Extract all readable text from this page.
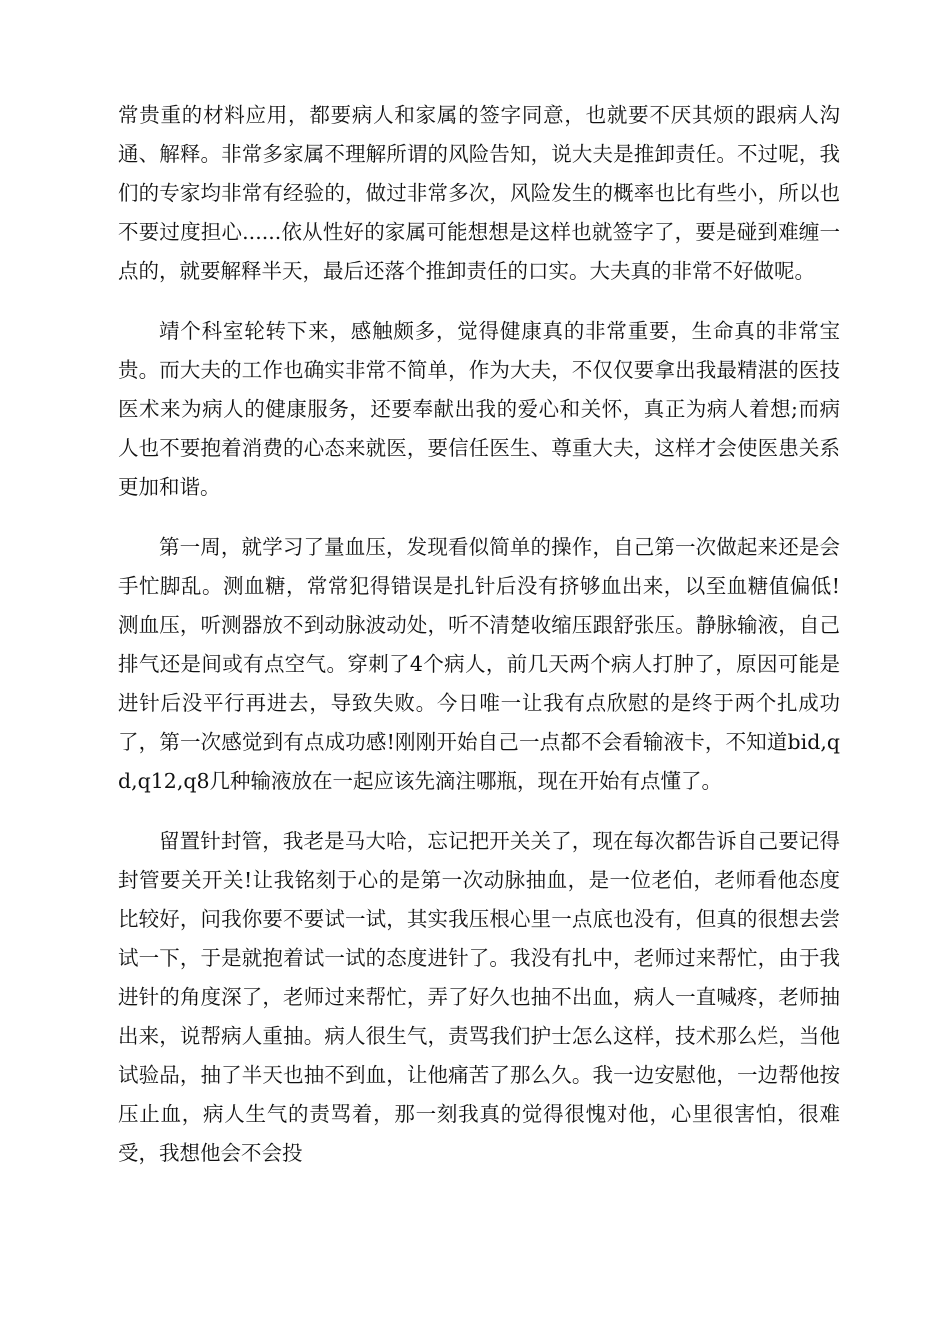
常贵重的材料应用，都要病人和家属的签字同意，也就要不厌其烦的跟病人沟通、解释。非常多家属不理解所谓的风险告知，说大夫是推卸责任。不过呢，我们的专家均非常有经验的，做过非常多次，风险发生的概率也比有些小，所以也不要过度担心......依从性好的家属可能想想是这样也就签字了，要是碰到难缠一点的，就要解释半天，最后还落个推卸责任的口实。大夫真的非常不好做呢。

靖个科室轮转下来，感触颇多，觉得健康真的非常重要，生命真的非常宝贵。而大夫的工作也确实非常不简单，作为大夫，不仅仅要拿出我最精湛的医技医术来为病人的健康服务，还要奉献出我的爱心和关怀，真正为病人着想;而病人也不要抱着消费的心态来就医，要信任医生、尊重大夫，这样才会使医患关系更加和谐。

第一周，就学习了量血压，发现看似简单的操作，自己第一次做起来还是会手忙脚乱。测血糖，常常犯得错误是扎针后没有挤够血出来，以至血糖值偏低!测血压，听测器放不到动脉波动处，听不清楚收缩压跟舒张压。静脉输液，自己排气还是间或有点空气。穿刺了4个病人，前几天两个病人打肿了，原因可能是进针后没平行再进去，导致失败。今日唯一让我有点欣慰的是终于两个扎成功了，第一次感觉到有点成功感!刚刚开始自己一点都不会看输液卡，不知道bid,qd,q12,q8几种输液放在一起应该先滴注哪瓶，现在开始有点懂了。

留置针封管，我老是马大哈，忘记把开关关了，现在每次都告诉自己要记得封管要关开关!让我铭刻于心的是第一次动脉抽血，是一位老伯，老师看他态度比较好，问我你要不要试一试，其实我压根心里一点底也没有，但真的很想去尝试一下，于是就抱着试一试的态度进针了。我没有扎中，老师过来帮忙，由于我进针的角度深了，老师过来帮忙，弄了好久也抽不出血，病人一直喊疼，老师抽出来，说帮病人重抽。病人很生气，责骂我们护士怎么这样，技术那么烂，当他试验品，抽了半天也抽不到血，让他痛苦了那么久。我一边安慰他，一边帮他按压止血，病人生气的责骂着，那一刻我真的觉得很愧对他，心里很害怕，很难受，我想他会不会投
